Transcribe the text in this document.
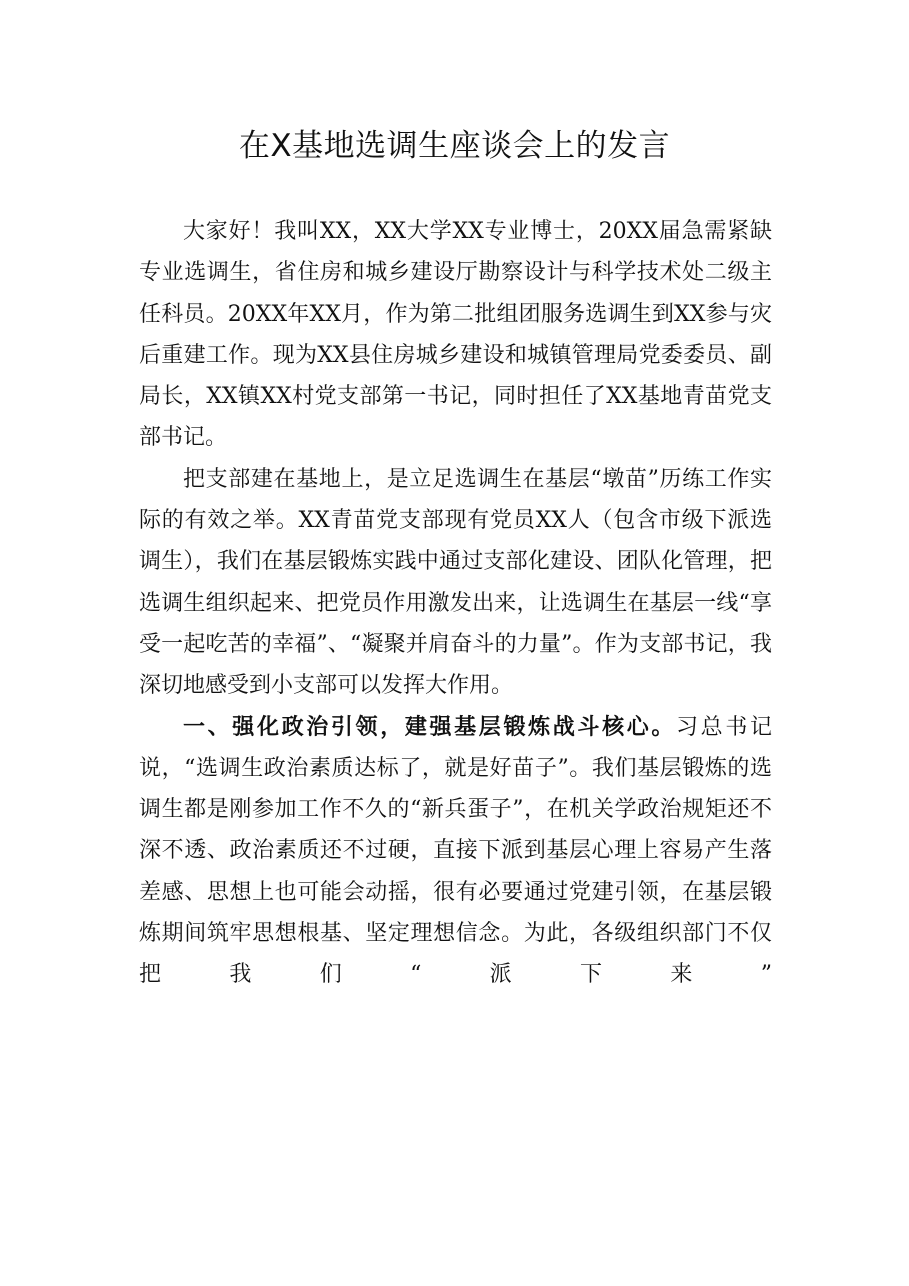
在X基地选调生座谈会上的发言

大家好！我叫XX，XX大学XX专业博士，20XX届急需紧缺专业选调生，省住房和城乡建设厅勘察设计与科学技术处二级主任科员。20XX年XX月，作为第二批组团服务选调生到XX参与灾后重建工作。现为XX县住房城乡建设和城镇管理局党委委员、副局长，XX镇XX村党支部第一书记，同时担任了XX基地青苗党支部书记。

把支部建在基地上，是立足选调生在基层“墩苗”历练工作实际的有效之举。XX青苗党支部现有党员XX人（包含市级下派选调生），我们在基层锻炼实践中通过支部化建设、团队化管理，把选调生组织起来、把党员作用激发出来，让选调生在基层一线“享受一起吃苦的幸福”、“凝聚并肩奋斗的力量”。作为支部书记，我深切地感受到小支部可以发挥大作用。

一、强化政治引领，建强基层锻炼战斗核心。习总书记说，“选调生政治素质达标了，就是好苗子”。我们基层锻炼的选调生都是刚参加工作不久的“新兵蛋子”，在机关学政治规矩还不深不透、政治素质还不过硬，直接下派到基层心理上容易产生落差感、思想上也可能会动摇，很有必要通过党建引领，在基层锻炼期间筑牢思想根基、坚定理想信念。为此，各级组织部门不仅把我们“派下来”
